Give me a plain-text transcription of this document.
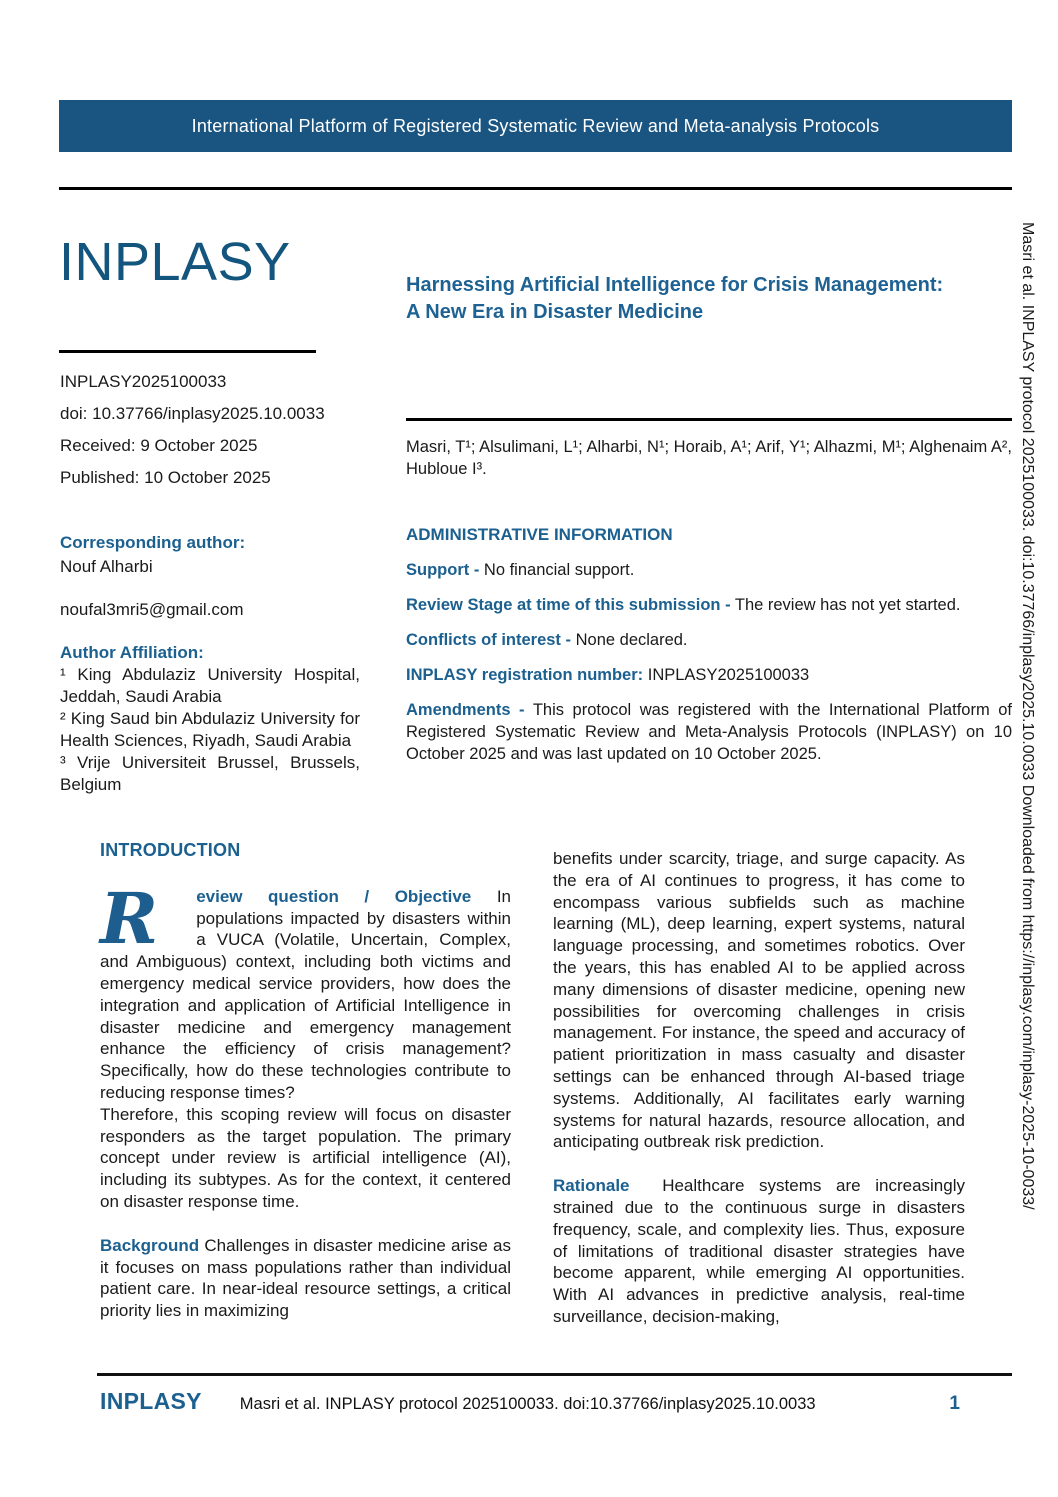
International Platform of Registered Systematic Review and Meta-analysis Protocols
INPLASY

INPLASY2025100033

doi: 10.37766/inplasy2025.10.0033

Received: 9 October 2025

Published: 10 October 2025

Corresponding author:

Nouf Alharbi

noufal3mri5@gmail.com

Author Affiliation:

¹ King Abdulaziz University Hospital, Jeddah, Saudi Arabia

² King Saud bin Abdulaziz University for Health Sciences, Riyadh, Saudi Arabia

³ Vrije Universiteit Brussel, Brussels, Belgium

Harnessing Artificial Intelligence for Crisis Management:
A New Era in Disaster Medicine

Masri, T¹; Alsulimani, L¹; Alharbi, N¹; Horaib, A¹; Arif, Y¹; Alhazmi, M¹; Alghenaim A², Hubloue I³.

ADMINISTRATIVE INFORMATION

Support - No financial support.

Review Stage at time of this submission - The review has not yet started.

Conflicts of interest - None declared.

INPLASY registration number: INPLASY2025100033

Amendments - This protocol was registered with the International Platform of Registered Systematic Review and Meta-Analysis Protocols (INPLASY) on 10 October 2025 and was last updated on 10 October 2025.

INTRODUCTION

R eview question / Objective In populations impacted by disasters within a VUCA (Volatile, Uncertain, Complex, and Ambiguous) context, including both victims and emergency medical service providers, how does the integration and application of Artificial Intelligence in disaster medicine and emergency management enhance the efficiency of crisis management? Specifically, how do these technologies contribute to reducing response times?

Therefore, this scoping review will focus on disaster responders as the target population. The primary concept under review is artificial intelligence (AI), including its subtypes. As for the context, it centered on disaster response time.

Background Challenges in disaster medicine arise as it focuses on mass populations rather than individual patient care. In near-ideal resource settings, a critical priority lies in maximizing

benefits under scarcity, triage, and surge capacity. As the era of AI continues to progress, it has come to encompass various subfields such as machine learning (ML), deep learning, expert systems, natural language processing, and sometimes robotics. Over the years, this has enabled AI to be applied across many dimensions of disaster medicine, opening new possibilities for overcoming challenges in crisis management. For instance, the speed and accuracy of patient prioritization in mass casualty and disaster settings can be enhanced through AI-based triage systems. Additionally, AI facilitates early warning systems for natural hazards, resource allocation, and anticipating outbreak risk prediction.

Rationale Healthcare systems are increasingly strained due to the continuous surge in disasters frequency, scale, and complexity lies. Thus, exposure of limitations of traditional disaster strategies have become apparent, while emerging AI opportunities. With AI advances in predictive analysis, real-time surveillance, decision-making,

INPLASY Masri et al. INPLASY protocol 2025100033. doi:10.37766/inplasy2025.10.0033	1
Masri et al. INPLASY protocol 2025100033. doi:10.37766/inplasy2025.10.0033 Downloaded from https://inplasy.com/inplasy-2025-10-0033/
